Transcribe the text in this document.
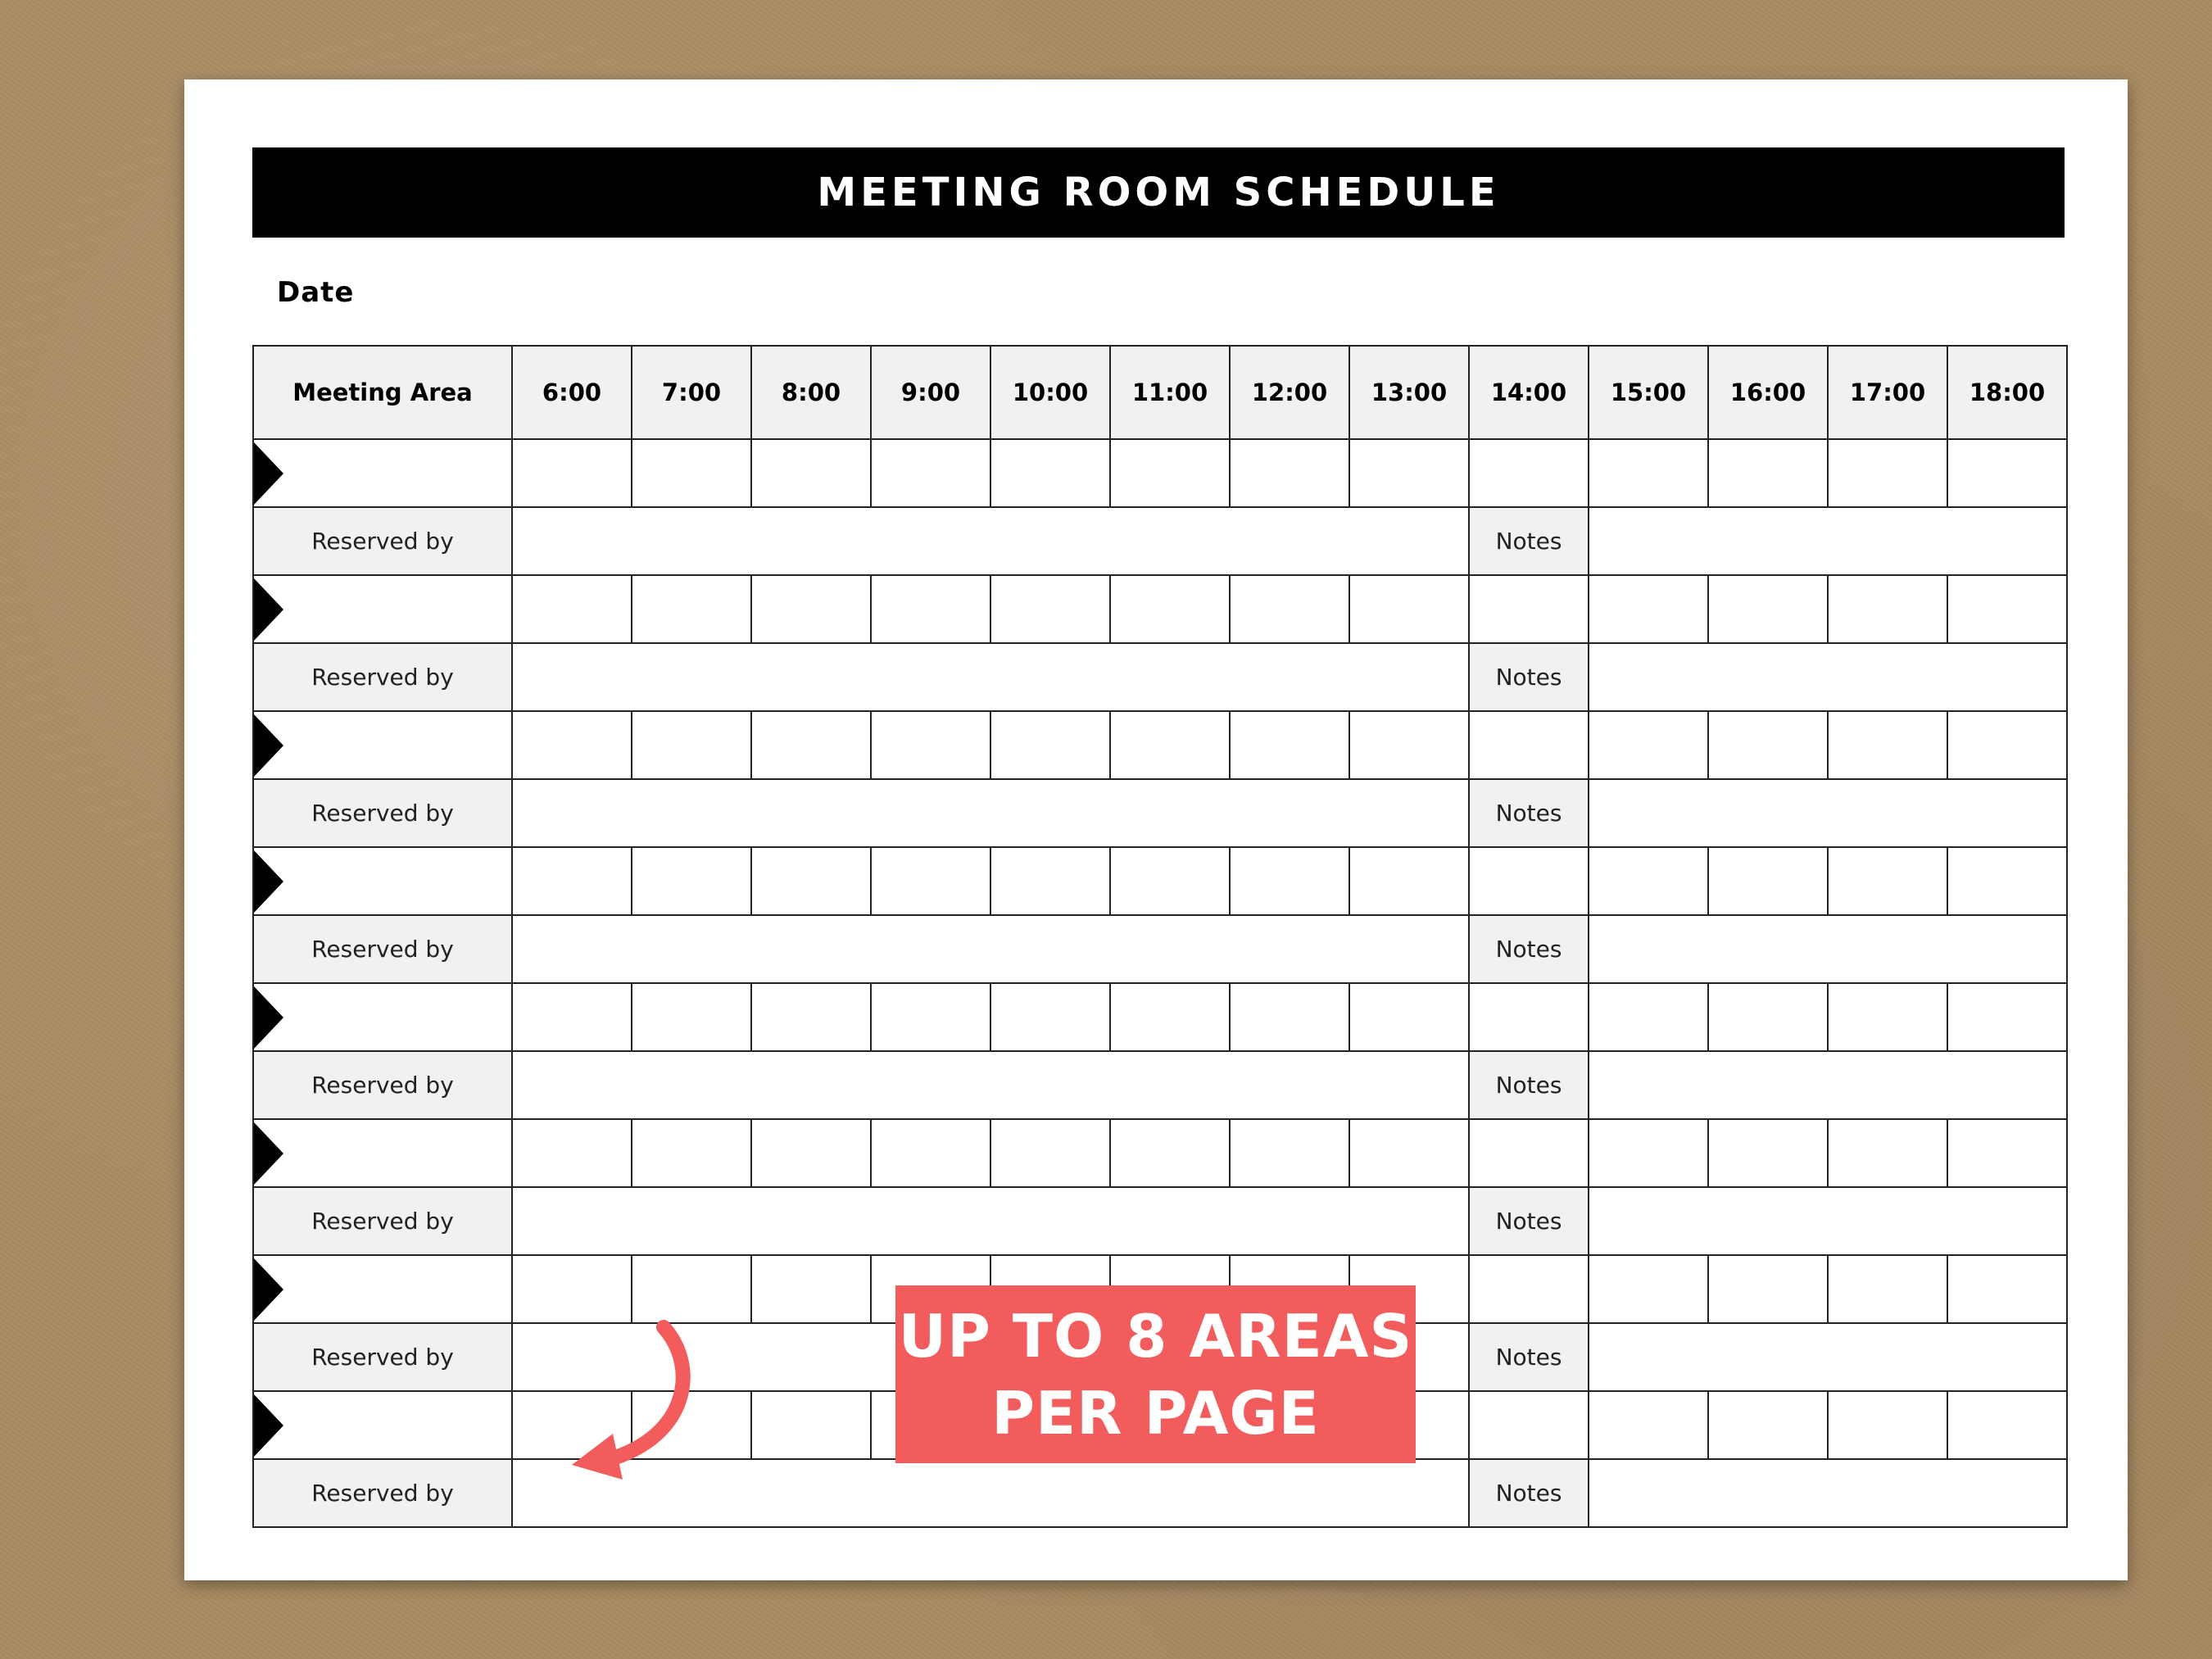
MEETING ROOM SCHEDULE
Date
Meeting Area	6:00	7:00	8:00	9:00	10:00	11:00	12:00	13:00	14:00	15:00	16:00	17:00	18:00

Reserved by									Notes				

Reserved by									Notes				

Reserved by									Notes				

Reserved by									Notes				

Reserved by									Notes				

Reserved by									Notes				

Reserved by									Notes				

Reserved by									Notes				
UP TO 8 AREAS
PER PAGE
